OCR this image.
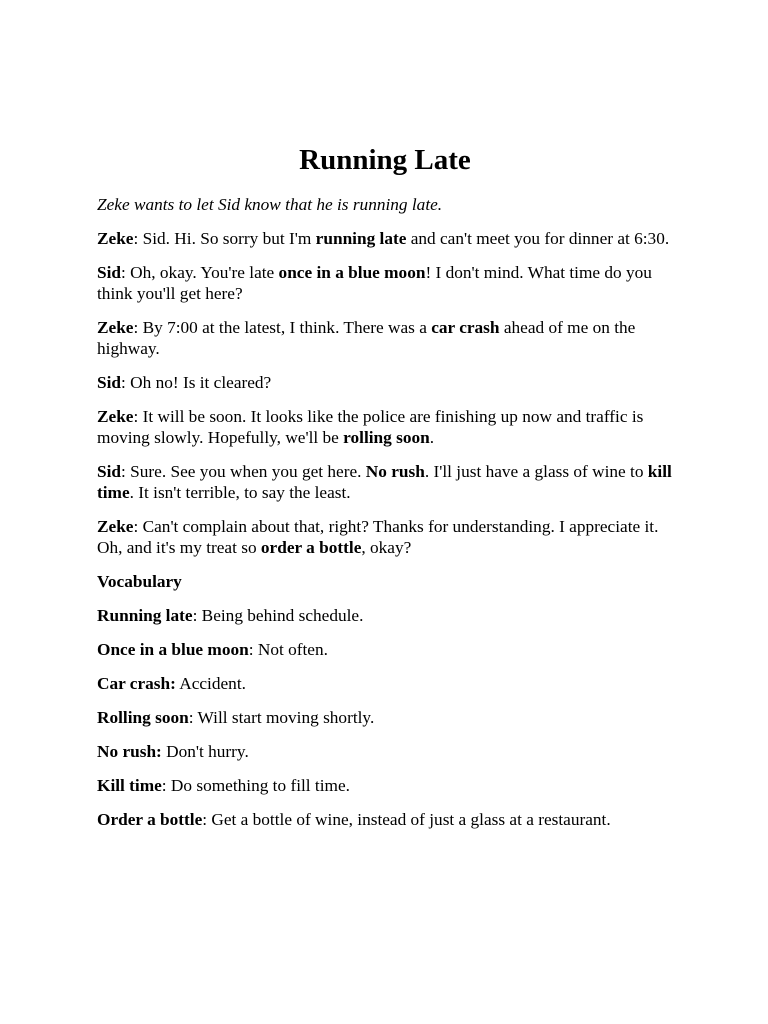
Running Late

Zeke wants to let Sid know that he is running late.

Zeke: Sid. Hi. So sorry but I'm running late and can't meet you for dinner at 6:30.

Sid: Oh, okay. You're late once in a blue moon! I don't mind. What time do you think you'll get here?

Zeke: By 7:00 at the latest, I think. There was a car crash ahead of me on the highway.

Sid: Oh no! Is it cleared?

Zeke: It will be soon. It looks like the police are finishing up now and traffic is moving slowly. Hopefully, we'll be rolling soon.

Sid: Sure. See you when you get here. No rush. I'll just have a glass of wine to kill time. It isn't terrible, to say the least.

Zeke: Can't complain about that, right? Thanks for understanding. I appreciate it. Oh, and it's my treat so order a bottle, okay?

Vocabulary

Running late: Being behind schedule.

Once in a blue moon: Not often.

Car crash: Accident.

Rolling soon: Will start moving shortly.

No rush: Don't hurry.

Kill time: Do something to fill time.

Order a bottle: Get a bottle of wine, instead of just a glass at a restaurant.
